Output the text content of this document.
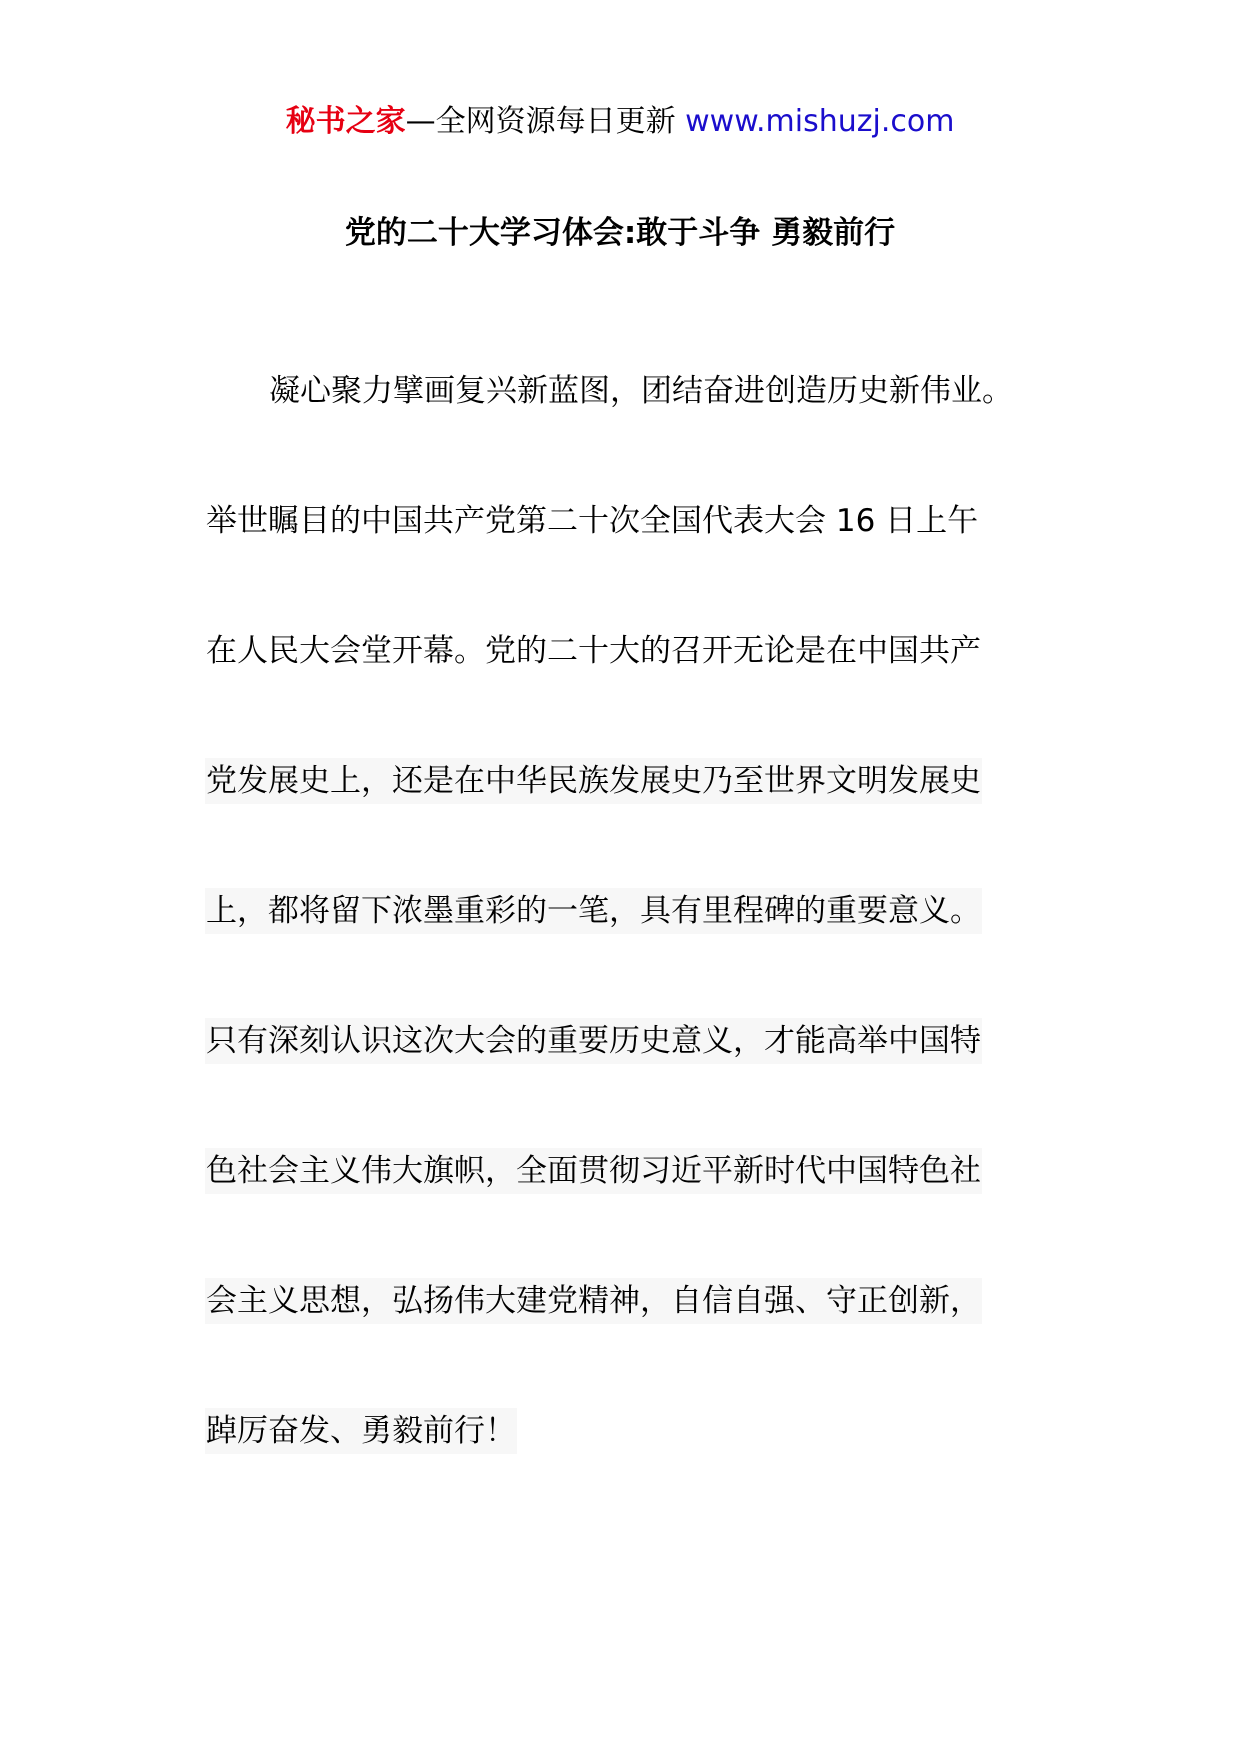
秘书之家—全网资源每日更新 www.mishuzj.com
党的二十大学习体会:敢于斗争 勇毅前行
凝心聚力擘画复兴新蓝图，团结奋进创造历史新伟业。
举世瞩目的中国共产党第二十次全国代表大会 16 日上午
在人民大会堂开幕。党的二十大的召开无论是在中国共产
党发展史上，还是在中华民族发展史乃至世界文明发展史
上，都将留下浓墨重彩的一笔，具有里程碑的重要意义。
只有深刻认识这次大会的重要历史意义，才能高举中国特
色社会主义伟大旗帜，全面贯彻习近平新时代中国特色社
会主义思想，弘扬伟大建党精神，自信自强、守正创新，
踔厉奋发、勇毅前行！
